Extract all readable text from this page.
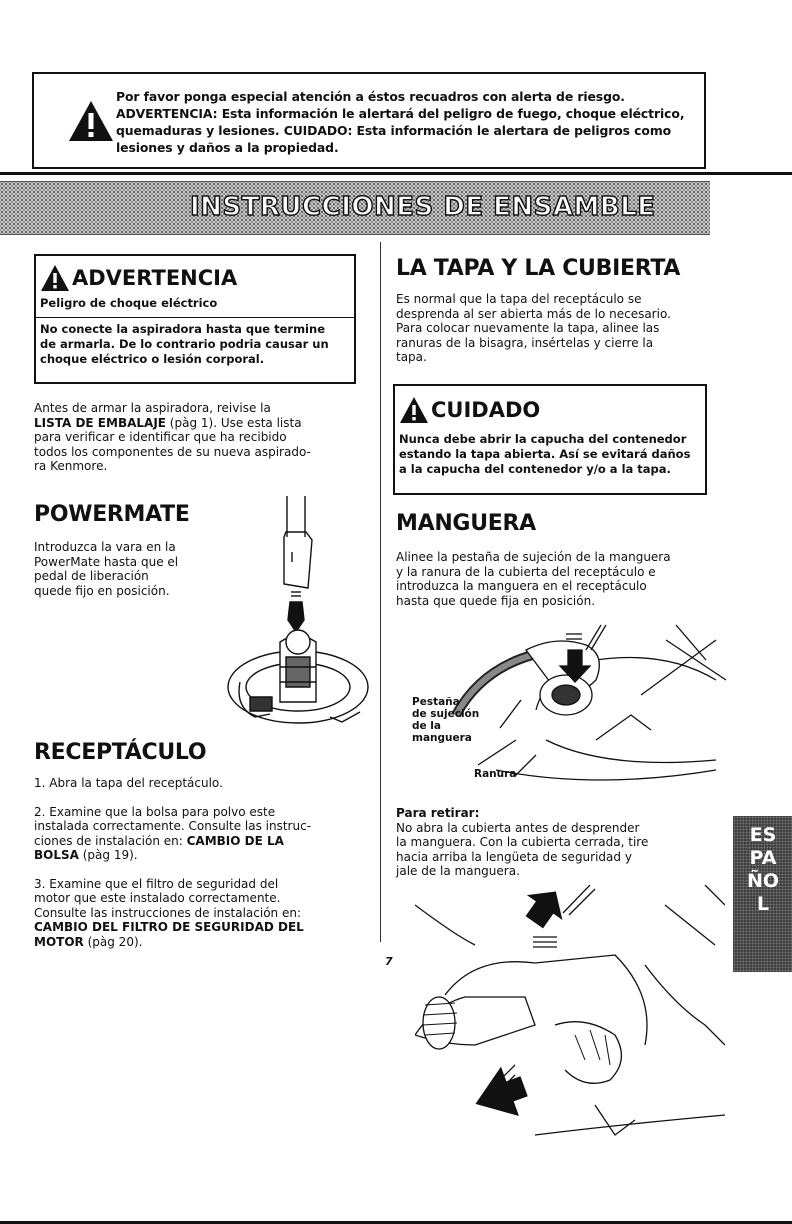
Por favor ponga especial atención a éstos recuadros con alerta de riesgo.
ADVERTENCIA: Esta información le alertará del peligro de fuego, choque eléctrico,
quemaduras y lesiones. CUIDADO: Esta información le alertara de peligros como
lesiones y daños a la propiedad.
INSTRUCCIONES DE ENSAMBLE
ADVERTENCIA
Peligro de choque eléctrico
No conecte la aspiradora hasta que termine
de armarla. De lo contrario podria causar un
choque eléctrico o lesión corporal.
Antes de armar la aspiradora, reivise la
LISTA DE EMBALAJE (pàg 1). Use esta lista
para verificar e identificar que ha recibido
todos los componentes de su nueva aspirado-
ra Kenmore.
POWERMATE
Introduzca la vara en la
PowerMate hasta que el
pedal de liberación
quede fijo en posición.
RECEPTÁCULO
1. Abra la tapa del receptáculo.
2. Examine que la bolsa para polvo este
instalada correctamente. Consulte las instruc-
ciones de instalación en: CAMBIO DE LA
BOLSA (pàg 19).
3. Examine que el filtro de seguridad del
motor que este instalado correctamente.
Consulte las instrucciones de instalación en:
CAMBIO DEL FILTRO DE SEGURIDAD DEL
MOTOR (pàg 20).
LA TAPA Y LA CUBIERTA
Es normal que la tapa del receptáculo se
desprenda al ser abierta más de lo necesario.
Para colocar nuevamente la tapa, alinee las
ranuras de la bisagra, insértelas y cierre la
tapa.
CUIDADO
Nunca debe abrir la capucha del contenedor
estando la tapa abierta. Así se evitará daños
a la capucha del contenedor y/o a la tapa.
MANGUERA
Alinee la pestaña de sujeción de la manguera
y la ranura de la cubierta del receptáculo e
introduzca la manguera en el receptáculo
hasta que quede fija en posición.
Pestaña
de sujeción
de la
manguera
Ranura
Para retirar:
No abra la cubierta antes de desprender
la manguera. Con la cubierta cerrada, tire
hacia arriba la lengüeta de seguridad y
jale de la manguera.
ESPAÑOL
7
